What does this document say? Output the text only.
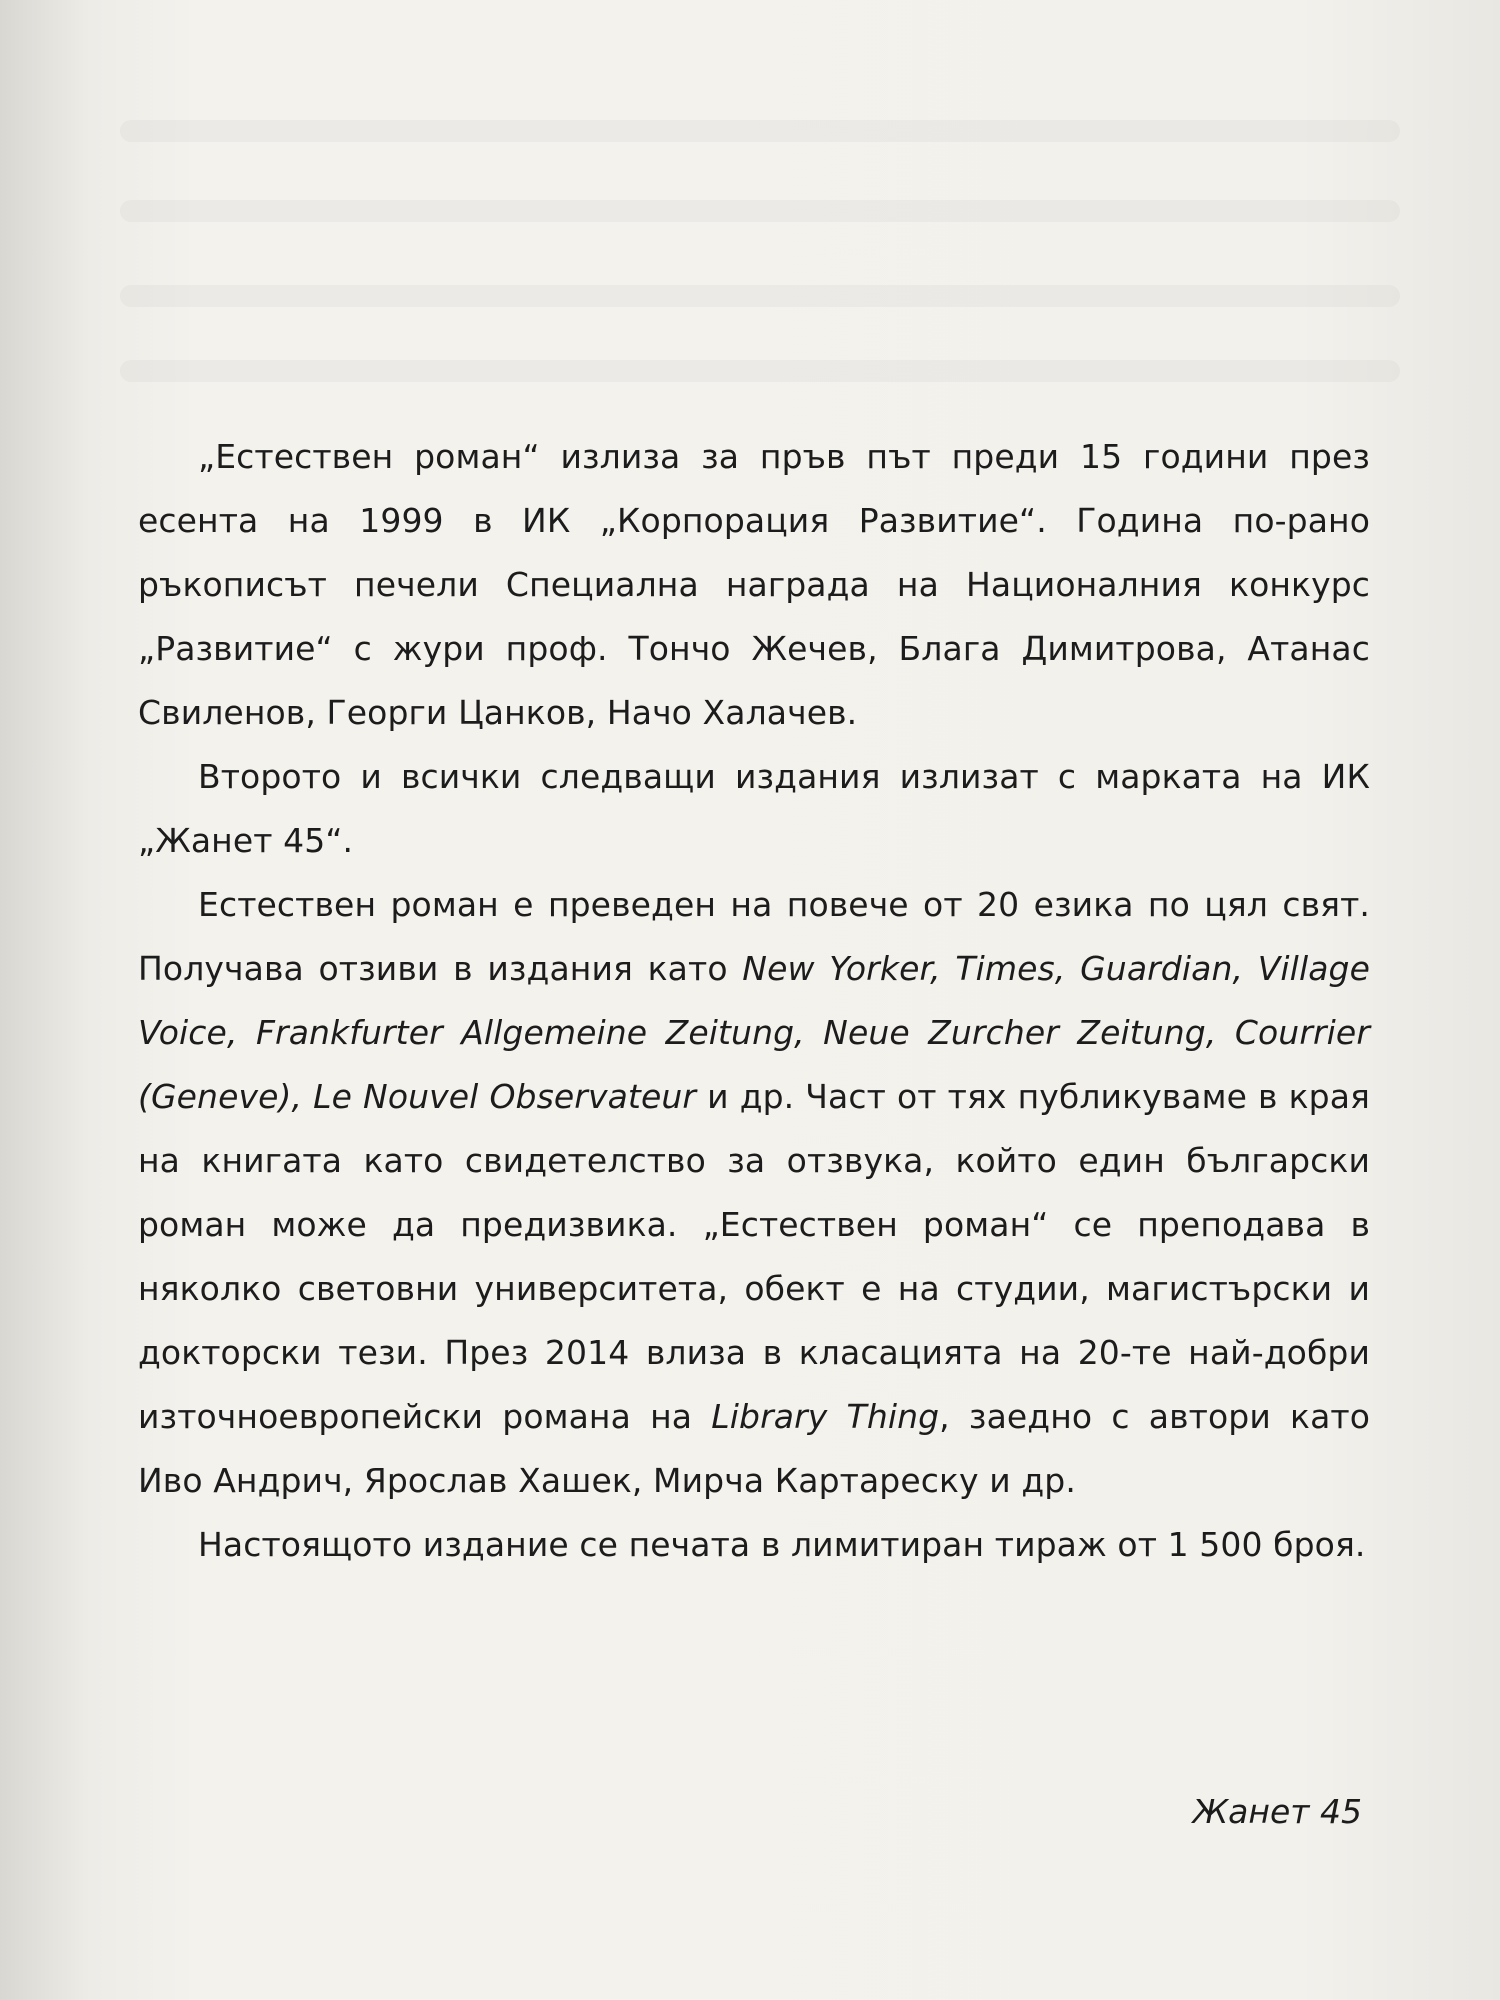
„Естествен роман“ излиза за пръв път преди 15 години през есента на 1999 в ИК „Корпорация Развитие“. Година по-рано ръкописът печели Специална награда на Националния конкурс „Развитие“ с жури проф. Тончо Жечев, Блага Димитрова, Атанас Свиленов, Георги Цанков, Начо Халачев.

Второто и всички следващи издания излизат с марката на ИК „Жанет 45“.

Естествен роман е преведен на повече от 20 езика по цял свят. Получава отзиви в издания като New Yorker, Times, Guardian, Village Voice, Frankfurter Allgemeine Zeitung, Neue Zurcher Zeitung, Courrier (Geneve), Le Nouvel Observateur и др. Част от тях публикуваме в края на книгата като свидетелство за отзвука, който един български роман може да предизвика. „Естествен роман“ се преподава в няколко световни университета, обект е на студии, магистърски и докторски тези. През 2014 влиза в класацията на 20-те най-добри източноевропейски романа на Library Thing, заедно с автори като Иво Андрич, Ярослав Хашек, Мирча Картареску и др.

Настоящото издание се печата в лимитиран тираж от 1 500 броя.

Жанет 45
